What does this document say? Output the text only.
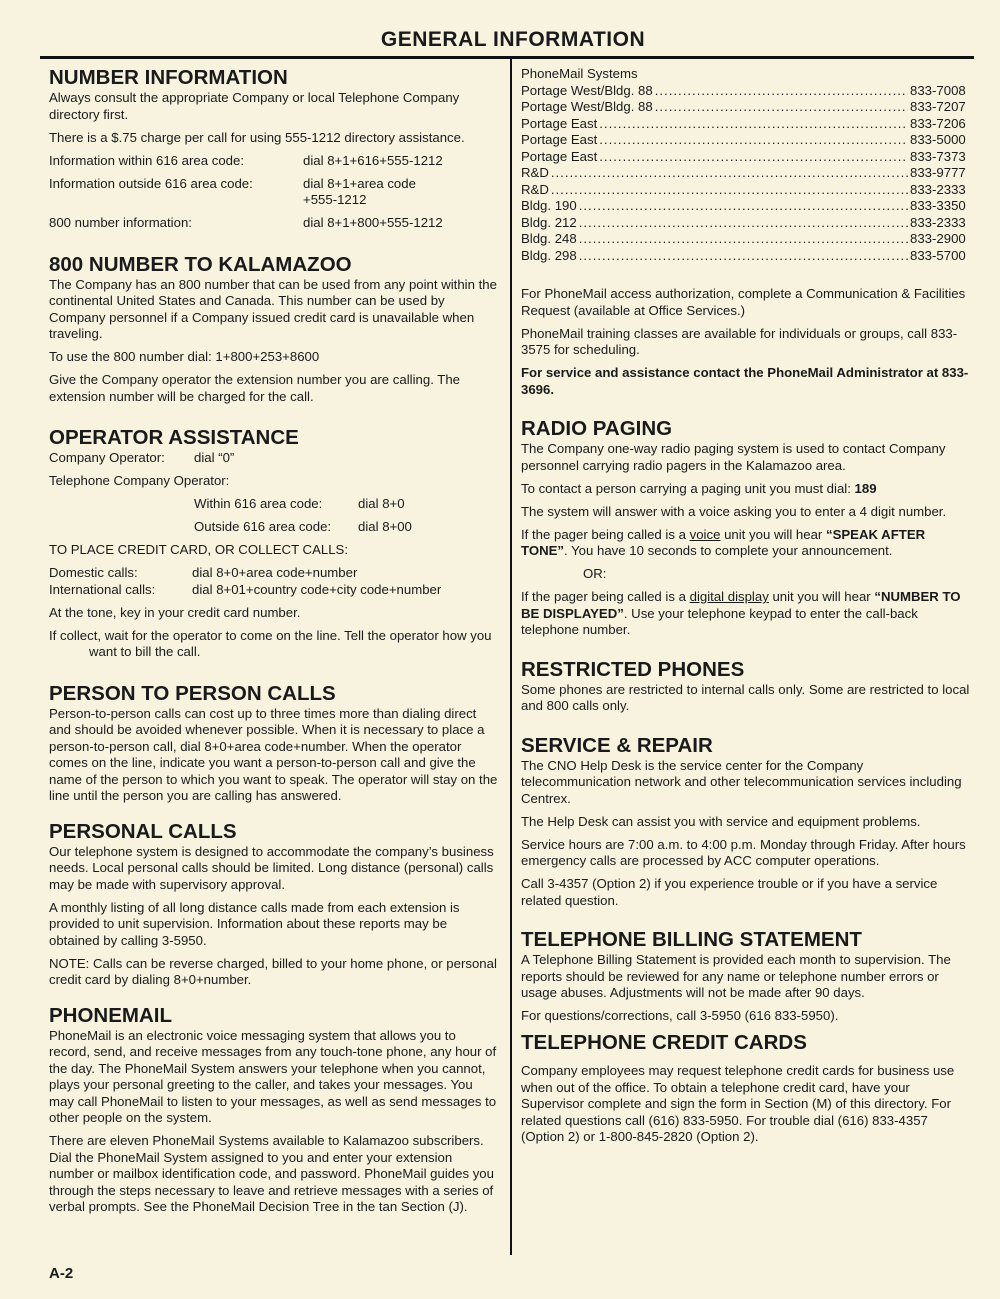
GENERAL INFORMATION
NUMBER INFORMATION

Always consult the appropriate Company or local Telephone Company directory first.

There is a $.75 charge per call for using 555-1212 directory assistance.

Information within 616 area code:	dial 8+1+616+555-1212
Information outside 616 area code:	dial 8+1+area code +555-1212
800 number information:	dial 8+1+800+555-1212
800 NUMBER TO KALAMAZOO

The Company has an 800 number that can be used from any point within the continental United States and Canada. This number can be used by Company personnel if a Company issued credit card is unavailable when traveling.

To use the 800 number dial: 1+800+253+8600

Give the Company operator the extension number you are calling. The extension number will be charged for the call.

OPERATOR ASSISTANCE
Company Operator:	dial “0”

Telephone Company Operator:

Within 616 area code:	dial 8+0
Outside 616 area code:	dial 8+00

TO PLACE CREDIT CARD, OR COLLECT CALLS:

Domestic calls:	dial 8+0+area code+number
International calls:	dial 8+01+country code+city code+number

At the tone, key in your credit card number.

If collect, wait for the operator to come on the line. Tell the operator how you want to bill the call.

PERSON TO PERSON CALLS

Person-to-person calls can cost up to three times more than dialing direct and should be avoided whenever possible. When it is necessary to place a person-to-person call, dial 8+0+area code+number. When the operator comes on the line, indicate you want a person-to-person call and give the name of the person to which you want to speak. The operator will stay on the line until the person you are calling has answered.

PERSONAL CALLS

Our telephone system is designed to accommodate the company’s business needs. Local personal calls should be limited. Long distance (personal) calls may be made with supervisory approval.

A monthly listing of all long distance calls made from each extension is provided to unit supervision. Information about these reports may be obtained by calling 3-5950.

NOTE: Calls can be reverse charged, billed to your home phone, or personal credit card by dialing 8+0+number.

PHONEMAIL

PhoneMail is an electronic voice messaging system that allows you to record, send, and receive messages from any touch-tone phone, any hour of the day. The PhoneMail System answers your telephone when you cannot, plays your personal greeting to the caller, and takes your messages. You may call PhoneMail to listen to your messages, as well as send messages to other people on the system.

There are eleven PhoneMail Systems available to Kalamazoo subscribers. Dial the PhoneMail System assigned to you and enter your extension number or mailbox identification code, and password. PhoneMail guides you through the steps necessary to leave and retrieve messages with a series of verbal prompts. See the PhoneMail Decision Tree in the tan Section (J).

PhoneMail Systems
Portage West/Bldg. 88 .....	833-7008
Portage West/Bldg. 88 .....	833-7207
Portage East .....	833-7206
Portage East .....	833-5000
Portage East .....	833-7373
R&D .....	833-9777
R&D .....	833-2333
Bldg. 190 .....	833-3350
Bldg. 212 .....	833-2333
Bldg. 248 .....	833-2900
Bldg. 298 .....	833-5700

For PhoneMail access authorization, complete a Communication & Facilities Request (available at Office Services.)

PhoneMail training classes are available for individuals or groups, call 833-3575 for scheduling.

For service and assistance contact the PhoneMail Administrator at 833-3696.

RADIO PAGING

The Company one-way radio paging system is used to contact Company personnel carrying radio pagers in the Kalamazoo area.

To contact a person carrying a paging unit you must dial: 189

The system will answer with a voice asking you to enter a 4 digit number.

If the pager being called is a voice unit you will hear “SPEAK AFTER TONE”. You have 10 seconds to complete your announcement.

OR:

If the pager being called is a digital display unit you will hear “NUMBER TO BE DISPLAYED”. Use your telephone keypad to enter the call-back telephone number.

RESTRICTED PHONES

Some phones are restricted to internal calls only. Some are restricted to local and 800 calls only.

SERVICE & REPAIR

The CNO Help Desk is the service center for the Company telecommunication network and other telecommunication services including Centrex.

The Help Desk can assist you with service and equipment problems.

Service hours are 7:00 a.m. to 4:00 p.m. Monday through Friday. After hours emergency calls are processed by ACC computer operations.

Call 3-4357 (Option 2) if you experience trouble or if you have a service related question.

TELEPHONE BILLING STATEMENT

A Telephone Billing Statement is provided each month to supervision. The reports should be reviewed for any name or telephone number errors or usage abuses. Adjustments will not be made after 90 days.

For questions/corrections, call 3-5950 (616 833-5950).

TELEPHONE CREDIT CARDS

Company employees may request telephone credit cards for business use when out of the office. To obtain a telephone credit card, have your Supervisor complete and sign the form in Section (M) of this directory. For related questions call (616) 833-5950. For trouble dial (616) 833-4357 (Option 2) or 1-800-845-2820 (Option 2).

A-2
